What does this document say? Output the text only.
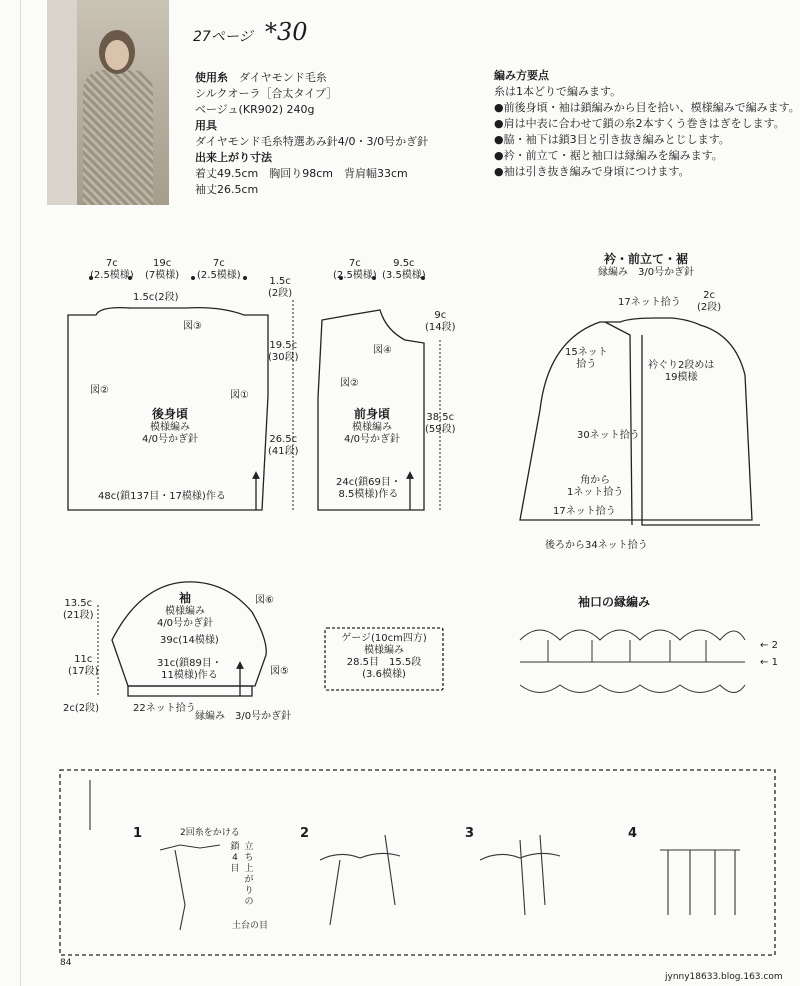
27ページ *30
使用糸　 ダイヤモンド毛糸
シルクオーラ［合太タイプ］
ベージュ(KR902) 240g
用具
ダイヤモンド毛糸特選あみ針4/0・3/0号かぎ針
出来上がり寸法
着丈49.5cm　胸回り98cm　背肩幅33cm
袖丈26.5cm
編み方要点
糸は1本どりで編みます。
●前後身頃・袖は鎖編みから目を拾い、模様編みで編みます。
●肩は中表に合わせて鎖の糸2本すくう巻きはぎをします。
●脇・袖下は鎖3目と引き抜き編みとじします。
●衿・前立て・裾と袖口は縁編みを編みます。
●袖は引き抜き編みで身頃につけます。
7c
(2.5模様)
19c
(7模様)
7c
(2.5模様)
1.5c(2段)
図③
図②	図①
後身頃
模様編み
4/0号かぎ針
48c(鎖137目・17模様)作る
1.5c
(2段)
19.5c
(30段)
26.5c
(41段)
7c
(2.5模様)
9.5c
(3.5模様)
9c
(14段)
38.5c
(59段)
図④
図②
前身頃
模様編み
4/0号かぎ針
24c(鎖69目・
8.5模様)作る
衿・前立て・裾
縁編み　3/0号かぎ針
17ネット拾う
2c
(2段)
15ネット
拾う	衿ぐり2段めは
19模様
30ネット拾う
角から
1ネット拾う
17ネット拾う
後ろから34ネット拾う
13.5c
(21段)
11c
(17段)
2c(2段)
図⑥
図⑤
袖
模様編み
4/0号かぎ針
39c(14模様)
31c(鎖89目・
11模様)作る
22ネット拾う
縁編み　3/0号かぎ針
ゲージ(10cm四方)
模様編み
28.5目　15.5段
(3.6模様)
袖口の縁編み
← 2
← 1
1	2	3	4
2回糸をかける
立
ち
上
が
り
の
鎖
4
目
土台の目
84
jynny18633.blog.163.com
